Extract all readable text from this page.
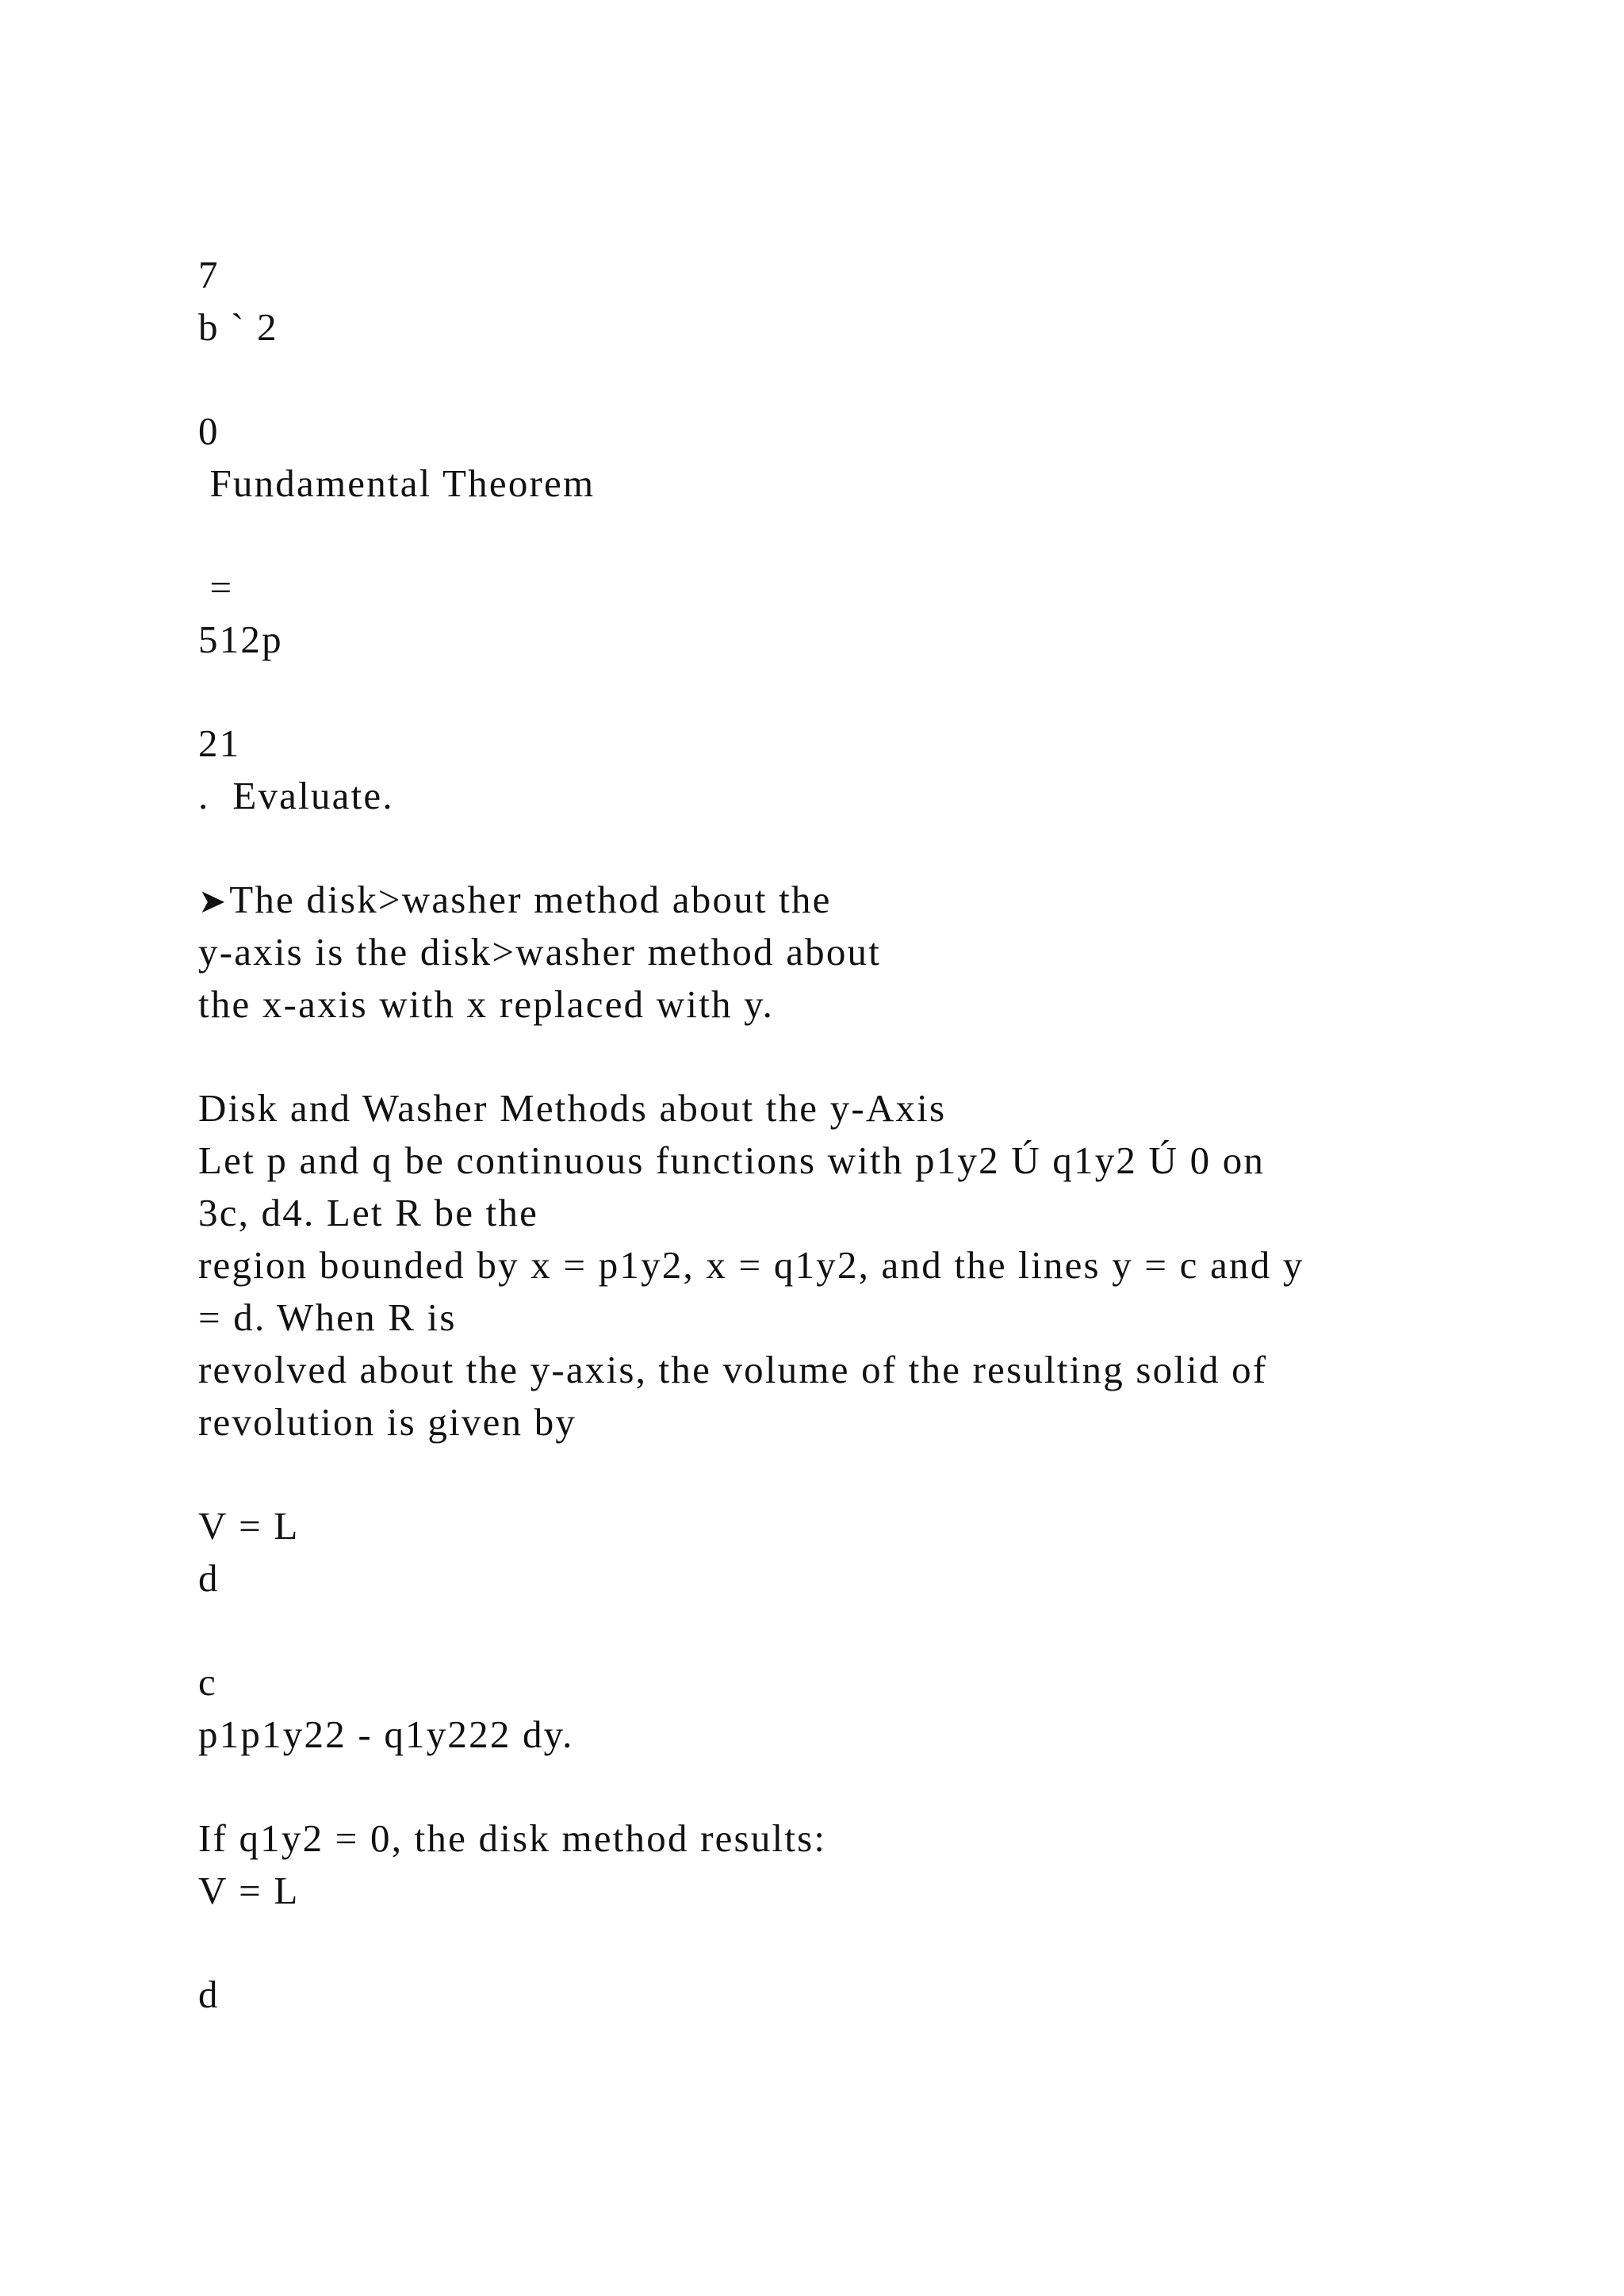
7

b ` 2

0

Fundamental Theorem

=

512p

21

.  Evaluate.

➤The disk>washer method about the

y-axis is the disk>washer method about

the x-axis with x replaced with y.

Disk and Washer Methods about the y-Axis

Let p and q be continuous functions with p1y2 Ú q1y2 Ú 0 on

3c, d4. Let R be the

region bounded by x = p1y2, x = q1y2, and the lines y = c and y

= d. When R is

revolved about the y-axis, the volume of the resulting solid of

revolution is given by

V = L

d

c

p1p1y22 - q1y222 dy.

If q1y2 = 0, the disk method results:

V = L

d
